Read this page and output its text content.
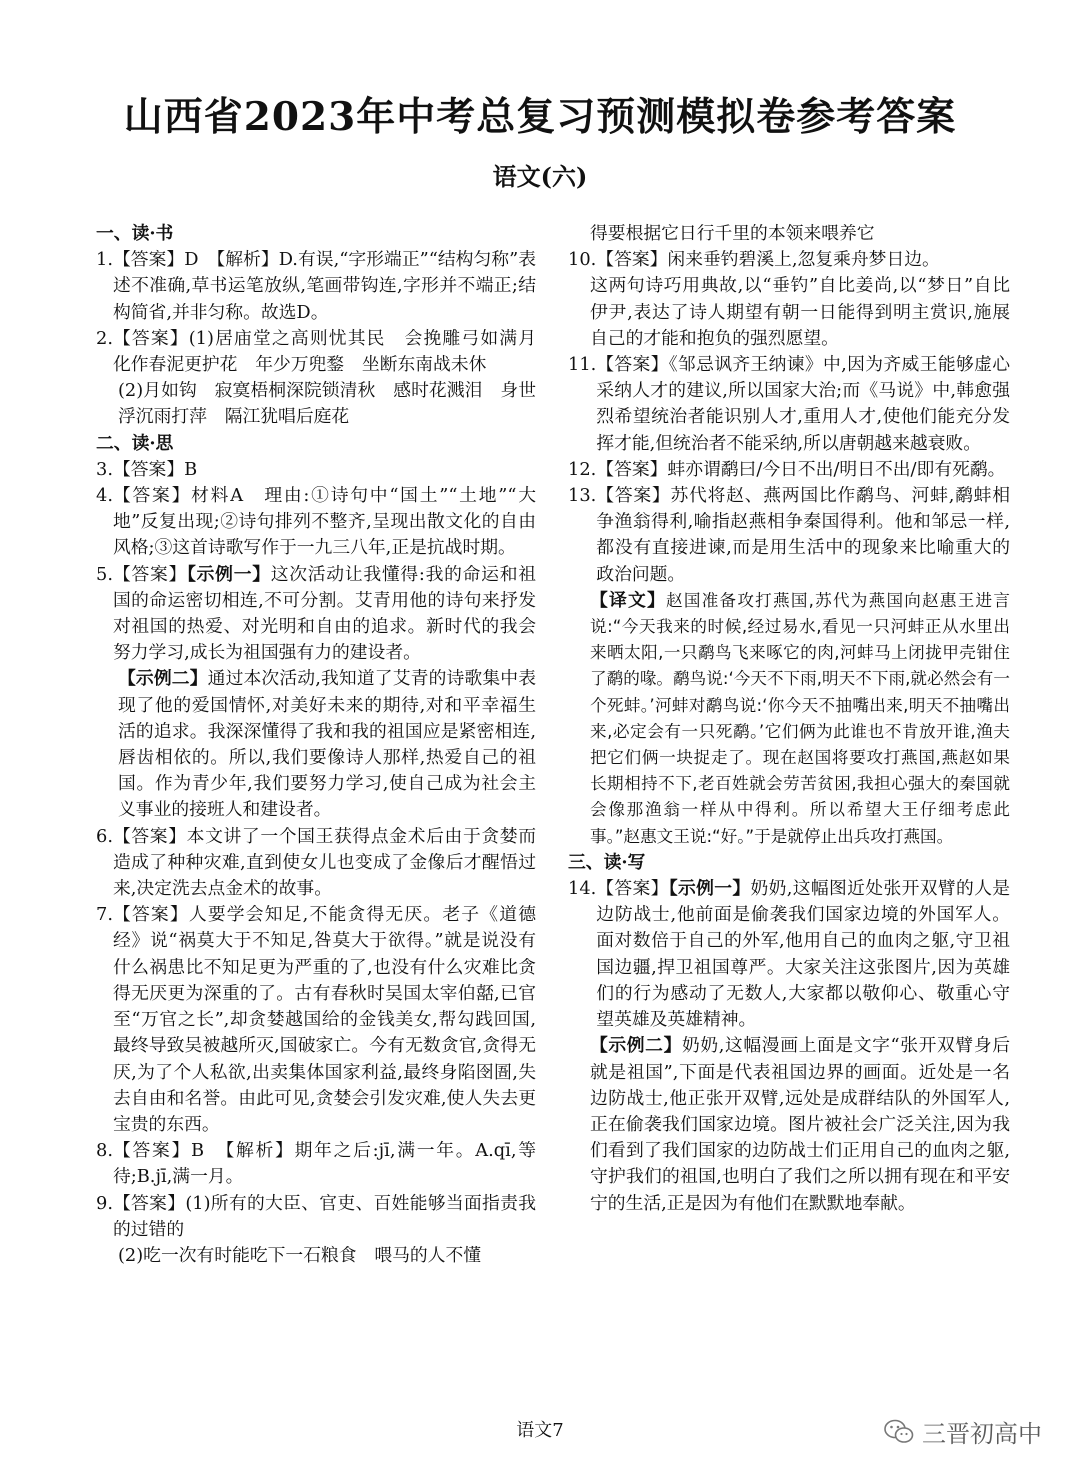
山西省2023年中考总复习预测模拟卷参考答案
语文(六)
一、读·书
1. 【答案】D　 【解析】D.有误,“字形端正”“结构匀称”表述不准确,草书运笔放纵,笔画带钩连,字形并不端正;结构简省,并非匀称。故选D。
2. 【答案】(1)居庙堂之高则忧其民　会挽雕弓如满月　化作春泥更护花　年少万兜鍪　坐断东南战未休
(2)月如钩　寂寞梧桐深院锁清秋　感时花溅泪　身世浮沉雨打萍　隔江犹唱后庭花
二、读·思
3. 【答案】B
4. 【答案】材料A　理由:①诗句中“国土”“土地”“大地”反复出现;②诗句排列不整齐,呈现出散文化的自由风格;③这首诗歌写作于一九三八年,正是抗战时期。
5. 【答案】【示例一】这次活动让我懂得:我的命运和祖国的命运密切相连,不可分割。艾青用他的诗句来抒发对祖国的热爱、对光明和自由的追求。新时代的我会努力学习,成长为祖国强有力的建设者。
【示例二】通过本次活动,我知道了艾青的诗歌集中表现了他的爱国情怀,对美好未来的期待,对和平幸福生活的追求。我深深懂得了我和我的祖国应是紧密相连,唇齿相依的。所以,我们要像诗人那样,热爱自己的祖国。作为青少年,我们要努力学习,使自己成为社会主义事业的接班人和建设者。
6. 【答案】本文讲了一个国王获得点金术后由于贪婪而造成了种种灾难,直到使女儿也变成了金像后才醒悟过来,决定洗去点金术的故事。
7. 【答案】人要学会知足,不能贪得无厌。老子《道德经》说“祸莫大于不知足,咎莫大于欲得。”就是说没有什么祸患比不知足更为严重的了,也没有什么灾难比贪得无厌更为深重的了。古有春秋时吴国太宰伯嚭,已官至“万官之长”,却贪婪越国给的金钱美女,帮勾践回国,最终导致吴被越所灭,国破家亡。今有无数贪官,贪得无厌,为了个人私欲,出卖集体国家利益,最终身陷囹圄,失去自由和名誉。由此可见,贪婪会引发灾难,使人失去更宝贵的东西。
8. 【答案】B　 【解析】期年之后:jī,满一年。A.qī,等待;B.jī,满一月。
9. 【答案】(1)所有的大臣、官吏、百姓能够当面指责我的过错的
(2)吃一次有时能吃下一石粮食　喂马的人不懂
得要根据它日行千里的本领来喂养它
10. 【答案】闲来垂钓碧溪上,忽复乘舟梦日边。
这两句诗巧用典故,以“垂钓”自比姜尚,以“梦日”自比伊尹,表达了诗人期望有朝一日能得到明主赏识,施展自己的才能和抱负的强烈愿望。
11. 【答案】《邹忌讽齐王纳谏》中,因为齐威王能够虚心采纳人才的建议,所以国家大治;而《马说》中,韩愈强烈希望统治者能识别人才,重用人才,使他们能充分发挥才能,但统治者不能采纳,所以唐朝越来越衰败。
12. 【答案】蚌亦谓鹬曰/今日不出/明日不出/即有死鹬。
13. 【答案】苏代将赵、燕两国比作鹬鸟、河蚌,鹬蚌相争渔翁得利,喻指赵燕相争秦国得利。他和邹忌一样,都没有直接进谏,而是用生活中的现象来比喻重大的政治问题。
【译文】赵国准备攻打燕国,苏代为燕国向赵惠王进言说:“今天我来的时候,经过易水,看见一只河蚌正从水里出来晒太阳,一只鹬鸟飞来啄它的肉,河蚌马上闭拢甲壳钳住了鹬的喙。鹬鸟说:‘今天不下雨,明天不下雨,就必然会有一个死蚌。’河蚌对鹬鸟说:‘你今天不抽嘴出来,明天不抽嘴出来,必定会有一只死鹬。’它们俩为此谁也不肯放开谁,渔夫把它们俩一块捉走了。现在赵国将要攻打燕国,燕赵如果长期相持不下,老百姓就会劳苦贫困,我担心强大的秦国就会像那渔翁一样从中得利。所以希望大王仔细考虑此事。”赵惠文王说:“好。”于是就停止出兵攻打燕国。
三、读·写
14. 【答案】【示例一】奶奶,这幅图近处张开双臂的人是边防战士,他前面是偷袭我们国家边境的外国军人。面对数倍于自己的外军,他用自己的血肉之躯,守卫祖国边疆,捍卫祖国尊严。大家关注这张图片,因为英雄们的行为感动了无数人,大家都以敬仰心、敬重心守望英雄及英雄精神。
【示例二】奶奶,这幅漫画上面是文字“张开双臂身后就是祖国”,下面是代表祖国边界的画面。近处是一名边防战士,他正张开双臂,远处是成群结队的外国军人,正在偷袭我们国家边境。图片被社会广泛关注,因为我们看到了我们国家的边防战士们正用自己的血肉之躯,守护我们的祖国,也明白了我们之所以拥有现在和平安宁的生活,正是因为有他们在默默地奉献。
语文7	三晋初高中
